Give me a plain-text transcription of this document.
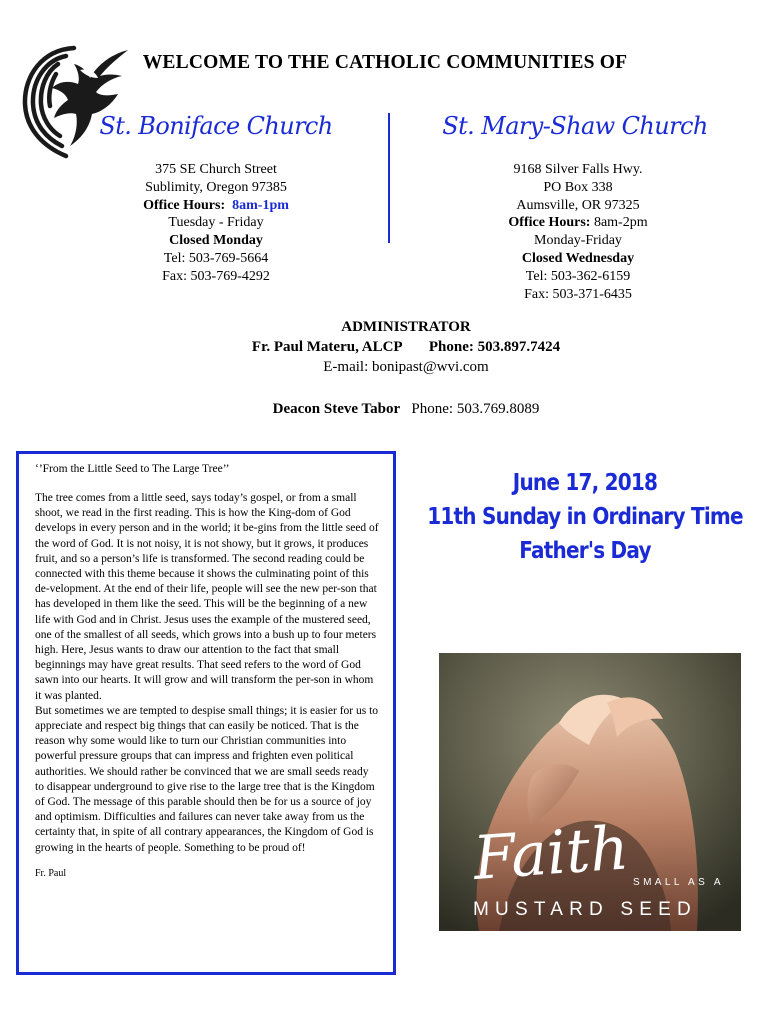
WELCOME TO THE CATHOLIC COMMUNITIES OF
St. Boniface Church	St. Mary-Shaw Church
375 SE Church Street
Sublimity, Oregon 97385
Office Hours: 8am-1pm
Tuesday - Friday
Closed Monday
Tel: 503-769-5664
Fax: 503-769-4292
9168 Silver Falls Hwy.
PO Box 338
Aumsville, OR 97325
Office Hours: 8am-2pm
Monday-Friday
Closed Wednesday
Tel: 503-362-6159
Fax: 503-371-6435
ADMINISTRATOR
Fr. Paul Materu, ALCP Phone: 503.897.7424
E-mail: bonipast@wvi.com
Deacon Steve Tabor Phone: 503.769.8089
‘’From the Little Seed to The Large Tree’’

The tree comes from a little seed, says today’s gospel, or from a small shoot, we read in the first reading. This is how the King-dom of God develops in every person and in the world; it be-gins from the little seed of the word of God. It is not noisy, it is not showy, but it grows, it produces fruit, and so a person’s life is transformed. The second reading could be connected with this theme because it shows the culminating point of this de-velopment. At the end of their life, people will see the new per-son that has developed in them like the seed. This will be the beginning of a new life with God and in Christ. Jesus uses the example of the mustered seed, one of the smallest of all seeds, which grows into a bush up to four meters high. Here, Jesus wants to draw our attention to the fact that small beginnings may have great results. That seed refers to the word of God sawn into our hearts. It will grow and will transform the per-son in whom it was planted.

But sometimes we are tempted to despise small things; it is easier for us to appreciate and respect big things that can easily be noticed. That is the reason why some would like to turn our Christian communities into powerful pressure groups that can impress and frighten even political authorities. We should rather be convinced that we are small seeds ready to disappear underground to give rise to the large tree that is the Kingdom of God. The message of this parable should then be for us a source of joy and optimism. Difficulties and failures can never take away from us the certainty that, in spite of all contrary appearances, the Kingdom of God is growing in the hearts of people. Something to be proud of!

Fr. Paul
June 17, 2018
11th Sunday in Ordinary Time
Father's Day
Faith SMALL AS A
MUSTARD SEED
